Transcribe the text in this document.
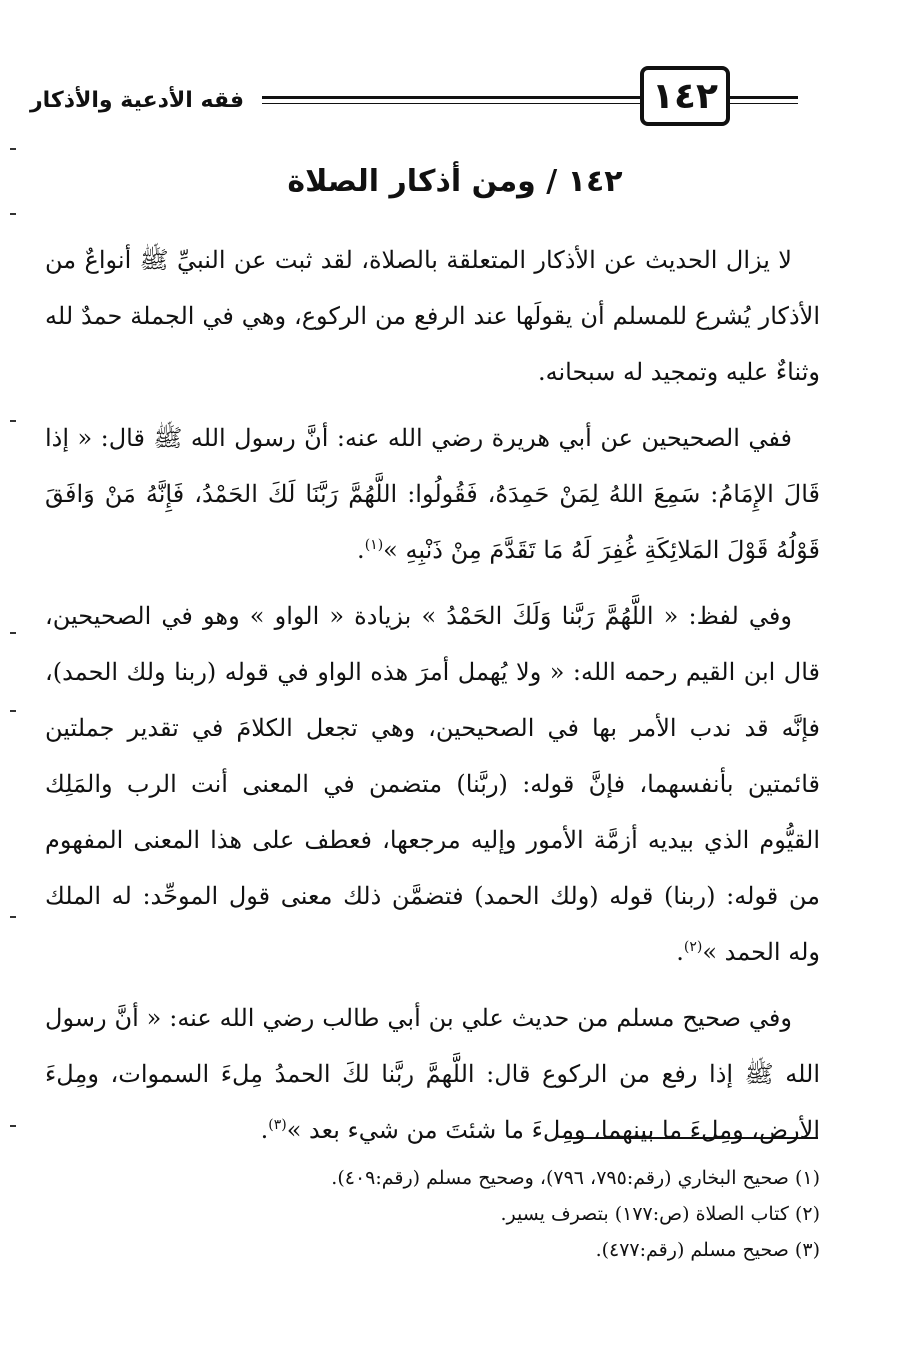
١٤٢
فقه الأدعية والأذكار
١٤٢ / ومن أذكار الصلاة

لا يزال الحديث عن الأذكار المتعلقة بالصلاة، لقد ثبت عن النبيِّ ﷺ أنواعٌ من الأذكار يُشرع للمسلم أن يقولَها عند الرفع من الركوع، وهي في الجملة حمدٌ لله وثناءٌ عليه وتمجيد له سبحانه.

ففي الصحيحين عن أبي هريرة رضي الله عنه: أنَّ رسول الله ﷺ قال: « إذا قَالَ الإِمَامُ: سَمِعَ اللهُ لِمَنْ حَمِدَهُ، فَقُولُوا: اللَّهُمَّ رَبَّنَا لَكَ الحَمْدُ، فَإِنَّهُ مَنْ وَافَقَ قَوْلُهُ قَوْلَ المَلائِكَةِ غُفِرَ لَهُ مَا تَقَدَّمَ مِنْ ذَنْبِهِ »$^{(١)}$.

وفي لفظ: « اللَّهُمَّ رَبَّنا وَلَكَ الحَمْدُ » بزيادة « الواو » وهو في الصحيحين، قال ابن القيم رحمه الله: « ولا يُهمل أمرَ هذه الواو في قوله (ربنا ولك الحمد)، فإنَّه قد ندب الأمر بها في الصحيحين، وهي تجعل الكلامَ في تقدير جملتين قائمتين بأنفسهما، فإنَّ قوله: (ربَّنا) متضمن في المعنى أنت الرب والمَلِك القيُّوم الذي بيديه أزمَّة الأمور وإليه مرجعها، فعطف على هذا المعنى المفهوم من قوله: (ربنا) قوله (ولك الحمد) فتضمَّن ذلك معنى قول الموحِّد: له الملك وله الحمد »$^{(٢)}$.

وفي صحيح مسلم من حديث علي بن أبي طالب رضي الله عنه: « أنَّ رسول الله ﷺ إذا رفع من الركوع قال: اللَّهمَّ ربَّنا لكَ الحمدُ مِلءَ السموات، ومِلءَ الأرض، ومِلءَ ما بينهما، ومِلءَ ما شئتَ من شيء بعد »$^{(٣)}$.

(١) صحيح البخاري (رقم:٧٩٥، ٧٩٦)، وصحيح مسلم (رقم:٤٠٩).
(٢) كتاب الصلاة (ص:١٧٧) بتصرف يسير.
(٣) صحيح مسلم (رقم:٤٧٧).
